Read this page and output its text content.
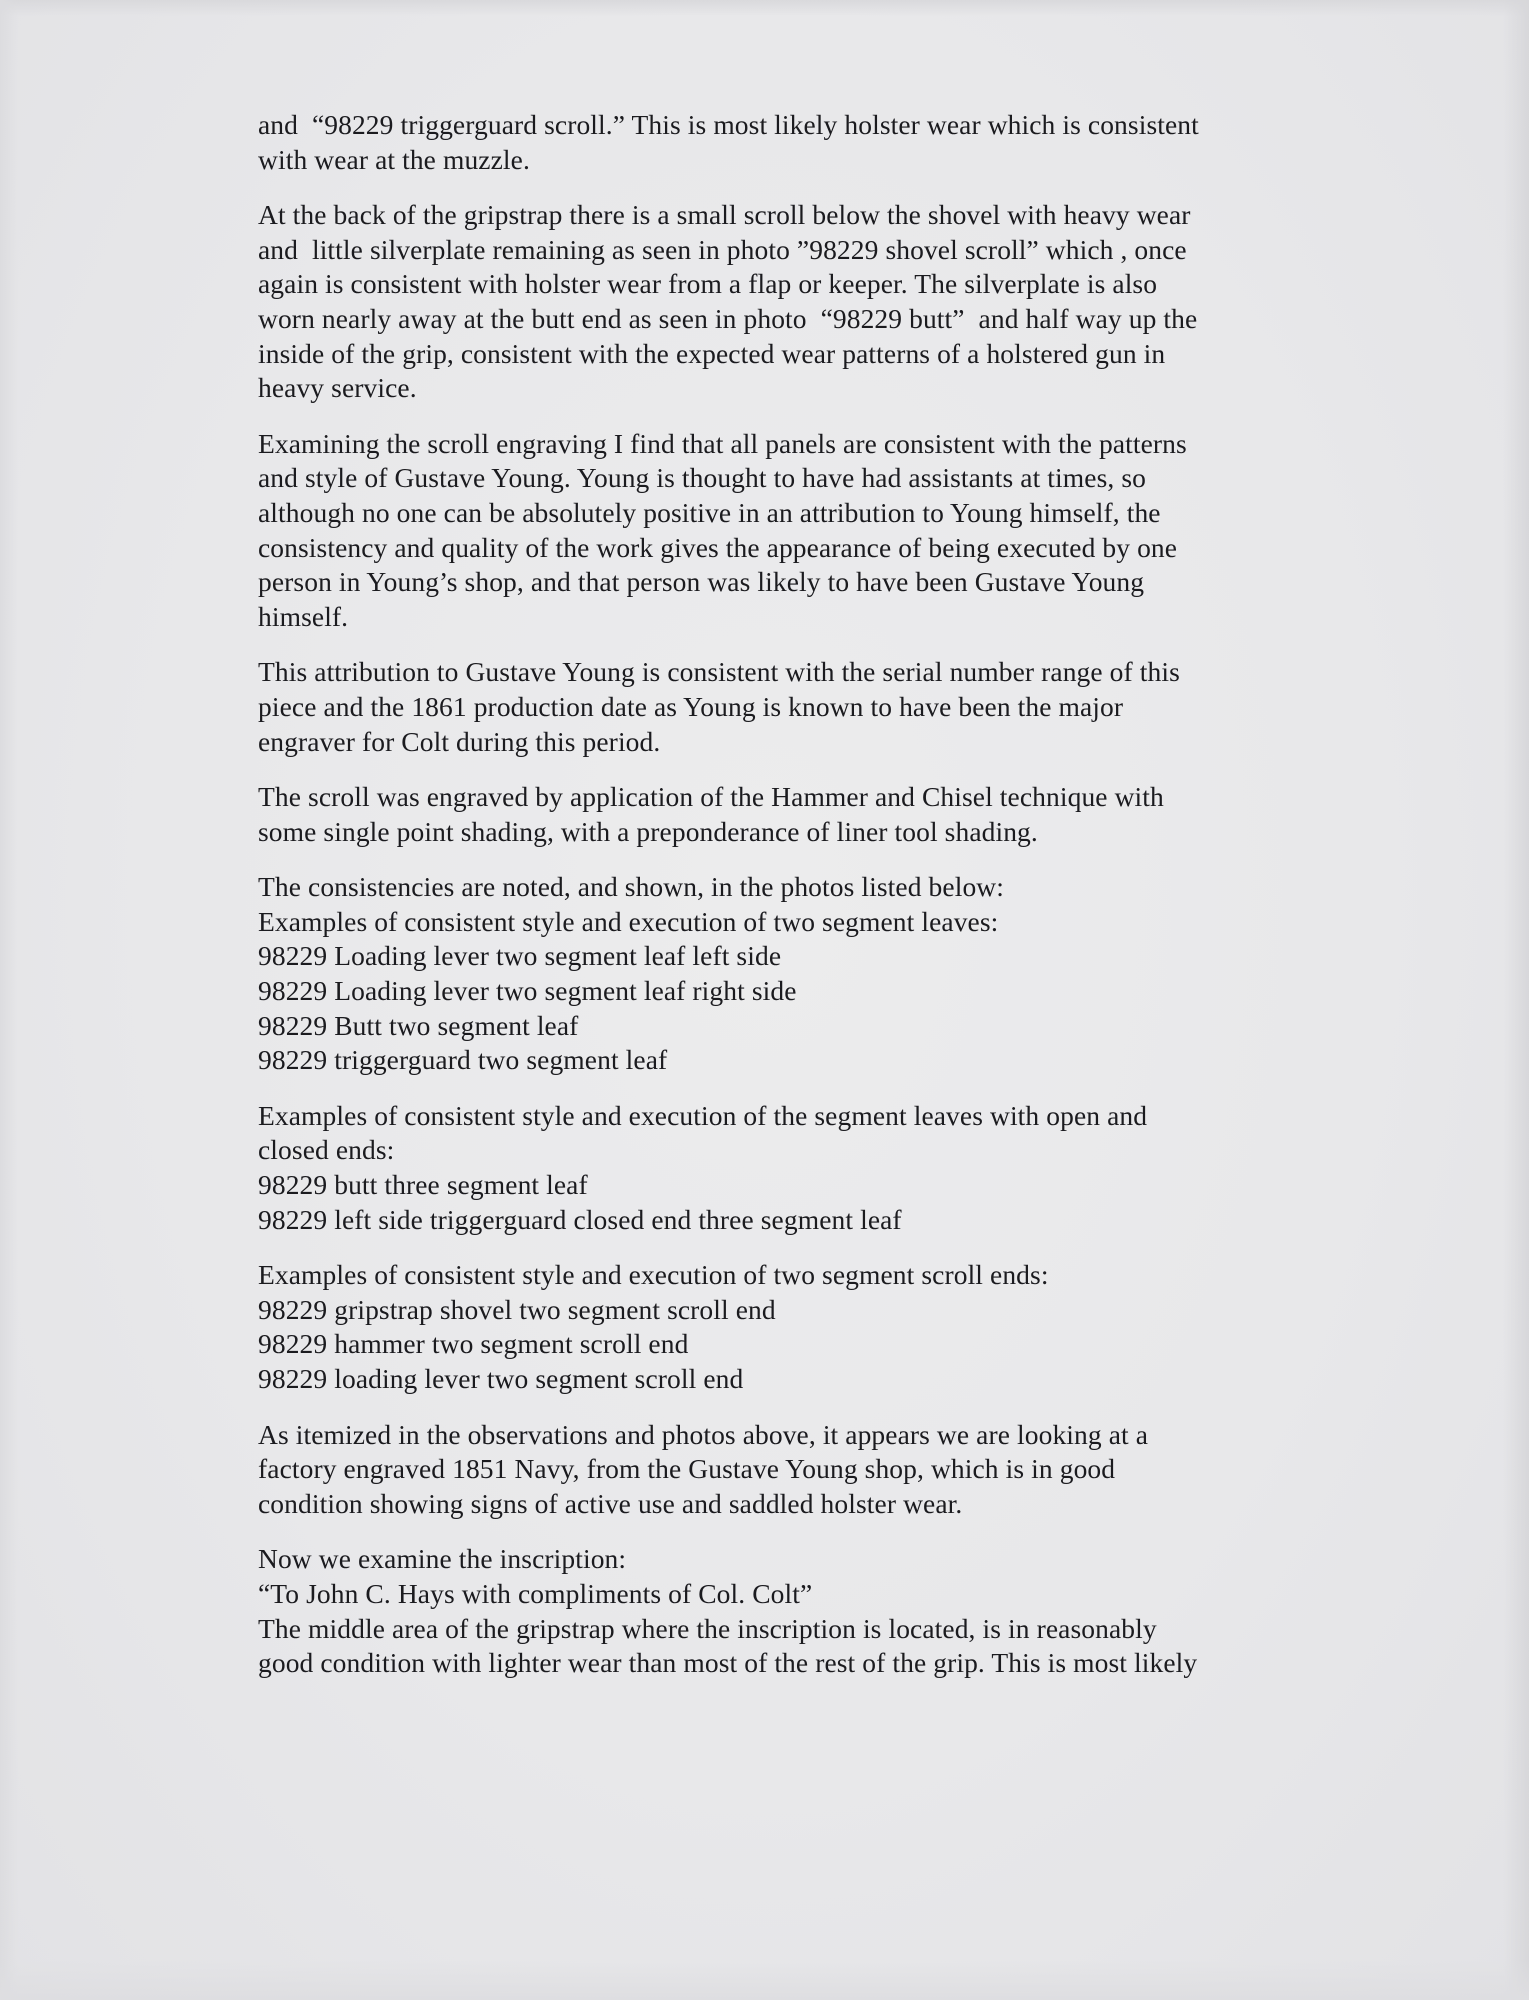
and  “98229 triggerguard scroll.” This is most likely holster wear which is consistent
with wear at the muzzle.

At the back of the gripstrap there is a small scroll below the shovel with heavy wear
and  little silverplate remaining as seen in photo ”98229 shovel scroll” which , once
again is consistent with holster wear from a flap or keeper. The silverplate is also
worn nearly away at the butt end as seen in photo  “98229 butt”  and half way up the
inside of the grip, consistent with the expected wear patterns of a holstered gun in
heavy service.

Examining the scroll engraving I find that all panels are consistent with the patterns
and style of Gustave Young. Young is thought to have had assistants at times, so
although no one can be absolutely positive in an attribution to Young himself, the
consistency and quality of the work gives the appearance of being executed by one
person in Young’s shop, and that person was likely to have been Gustave Young
himself.

This attribution to Gustave Young is consistent with the serial number range of this
piece and the 1861 production date as Young is known to have been the major
engraver for Colt during this period.

The scroll was engraved by application of the Hammer and Chisel technique with
some single point shading, with a preponderance of liner tool shading.

The consistencies are noted, and shown, in the photos listed below:
Examples of consistent style and execution of two segment leaves:
98229 Loading lever two segment leaf left side
98229 Loading lever two segment leaf right side
98229 Butt two segment leaf
98229 triggerguard two segment leaf

Examples of consistent style and execution of the segment leaves with open and
closed ends:
98229 butt three segment leaf
98229 left side triggerguard closed end three segment leaf

Examples of consistent style and execution of two segment scroll ends:
98229 gripstrap shovel two segment scroll end
98229 hammer two segment scroll end
98229 loading lever two segment scroll end

As itemized in the observations and photos above, it appears we are looking at a
factory engraved 1851 Navy, from the Gustave Young shop, which is in good
condition showing signs of active use and saddled holster wear.

Now we examine the inscription:
“To John C. Hays with compliments of Col. Colt”
The middle area of the gripstrap where the inscription is located, is in reasonably
good condition with lighter wear than most of the rest of the grip. This is most likely
